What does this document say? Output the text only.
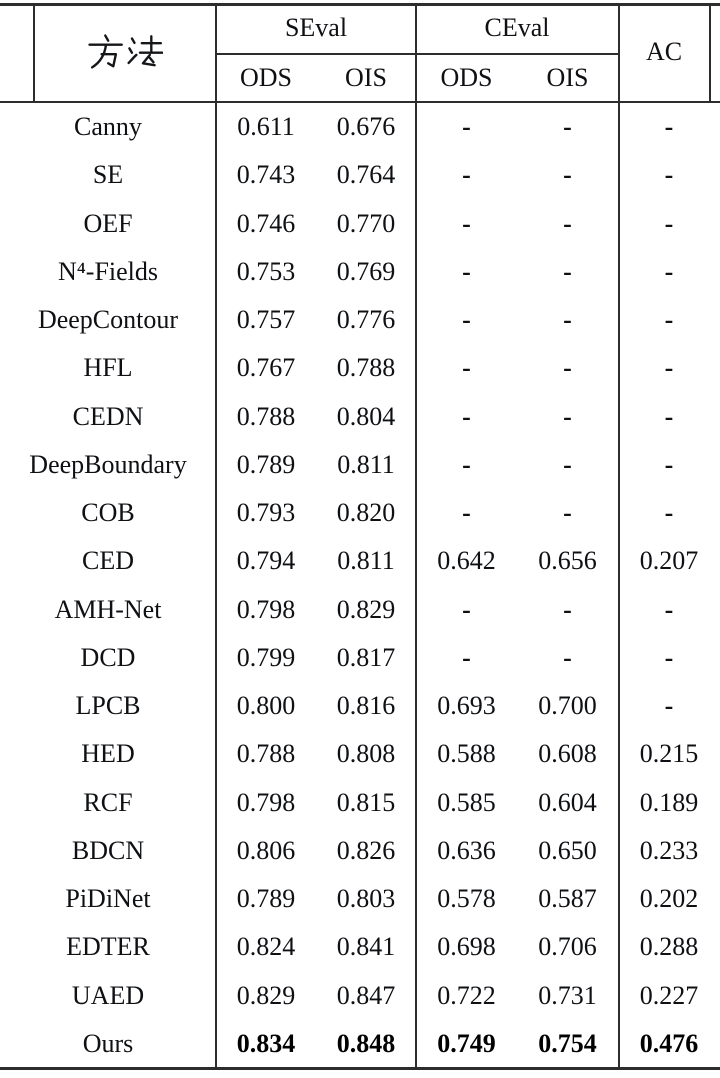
SEval	CEval
ODS	OIS	ODS	OIS
AC
Canny	0.611	0.676	-	-	-
SE	0.743	0.764	-	-	-
OEF	0.746	0.770	-	-	-
N⁴-Fields	0.753	0.769	-	-	-
DeepContour	0.757	0.776	-	-	-
HFL	0.767	0.788	-	-	-
CEDN	0.788	0.804	-	-	-
DeepBoundary	0.789	0.811	-	-	-
COB	0.793	0.820	-	-	-
CED	0.794	0.811	0.642	0.656	0.207
AMH-Net	0.798	0.829	-	-	-
DCD	0.799	0.817	-	-	-
LPCB	0.800	0.816	0.693	0.700	-
HED	0.788	0.808	0.588	0.608	0.215
RCF	0.798	0.815	0.585	0.604	0.189
BDCN	0.806	0.826	0.636	0.650	0.233
PiDiNet	0.789	0.803	0.578	0.587	0.202
EDTER	0.824	0.841	0.698	0.706	0.288
UAED	0.829	0.847	0.722	0.731	0.227
Ours	0.834	0.848	0.749	0.754	0.476
